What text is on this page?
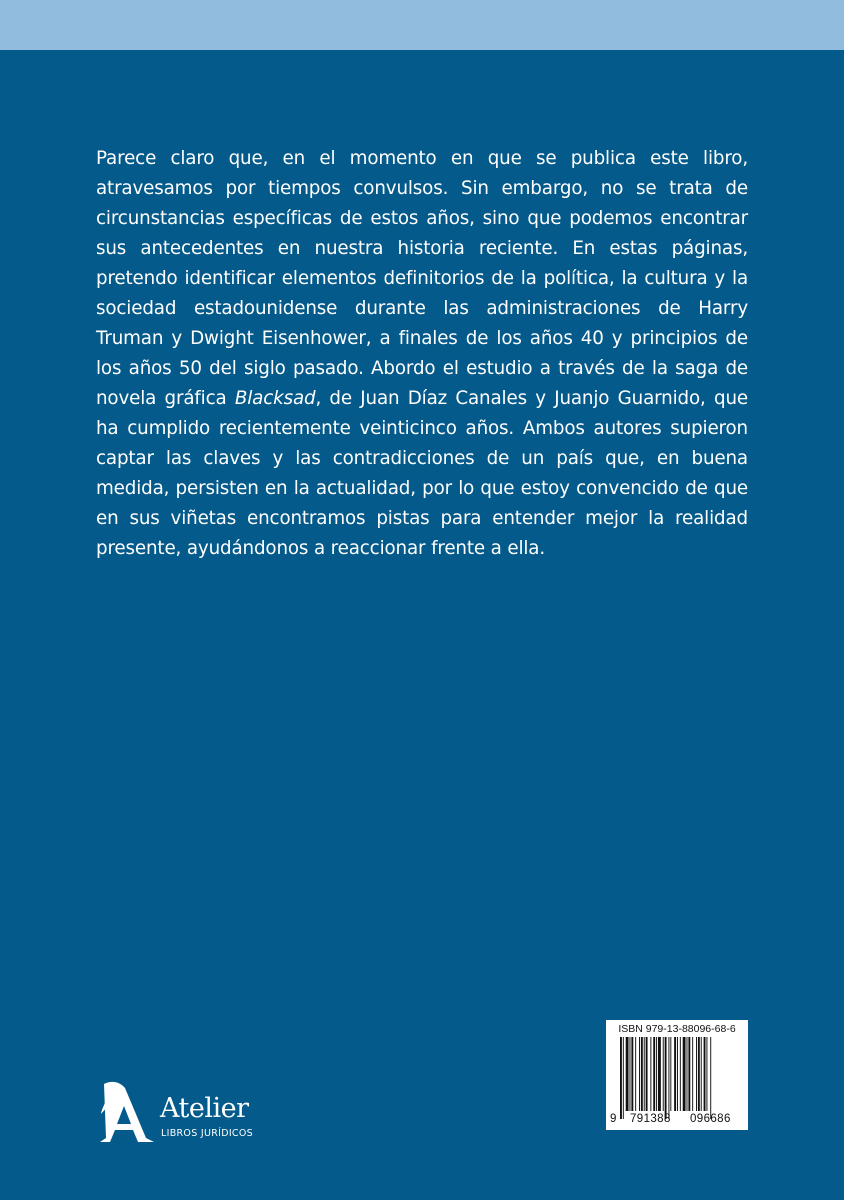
Parece claro que, en el momento en que se publica este libro, atravesamos por tiempos convulsos. Sin embargo, no se trata de circunstancias específicas de estos años, sino que podemos encontrar sus antecedentes en nuestra historia reciente. En estas páginas, pretendo identificar elementos definitorios de la política, la cultura y la sociedad estadounidense durante las administraciones de Harry Truman y Dwight Eisenhower, a finales de los años 40 y principios de los años 50 del siglo pasado. Abordo el estudio a través de la saga de novela gráfica Blacksad, de Juan Díaz Canales y Juanjo Guarnido, que ha cumplido recientemente veinticinco años. Ambos autores supieron captar las claves y las contradicciones de un país que, en buena medida, persisten en la actualidad, por lo que estoy convencido de que en sus viñetas encontramos pistas para entender mejor la realidad presente, ayudándonos a reaccionar frente a ella.

Atelier
LIBROS JURÍDICOS
ISBN 979-13-88096-68-6
9 791388 096686
